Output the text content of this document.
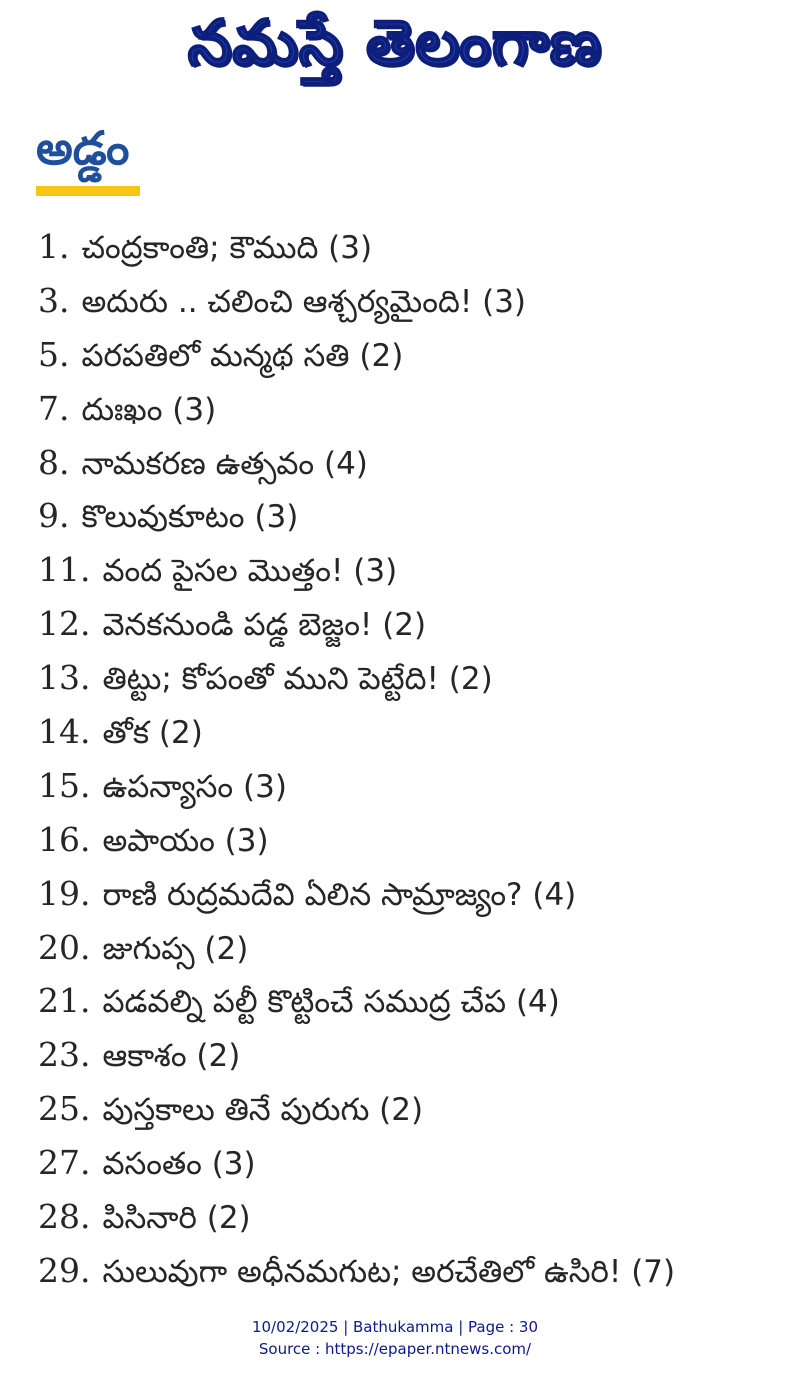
నమస్తే తెలంగాణ
అడ్డం
1. చంద్రకాంతి; కౌముది (3)
3. అదురు .. చలించి ఆశ్చర్యమైంది! (3)
5. పరపతిలో మన్మథ సతి (2)
7. దుఃఖం (3)
8. నామకరణ ఉత్సవం (4)
9. కొలువుకూటం (3)
11. వంద పైసల మొత్తం! (3)
12. వెనకనుండి పడ్డ బెజ్జం! (2)
13. తిట్టు; కోపంతో ముని పెట్టేది! (2)
14. తోక (2)
15. ఉపన్యాసం (3)
16. అపాయం (3)
19. రాణి రుద్రమదేవి ఏలిన సామ్రాజ్యం? (4)
20. జుగుప్స (2)
21. పడవల్ని పల్టీ కొట్టించే సముద్ర చేప (4)
23. ఆకాశం (2)
25. పుస్తకాలు తినే పురుగు (2)
27. వసంతం (3)
28. పిసినారి (2)
29. సులువుగా అధీనమగుట; అరచేతిలో ఉసిరి! (7)
10/02/2025 | Bathukamma | Page : 30
Source : https://epaper.ntnews.com/
